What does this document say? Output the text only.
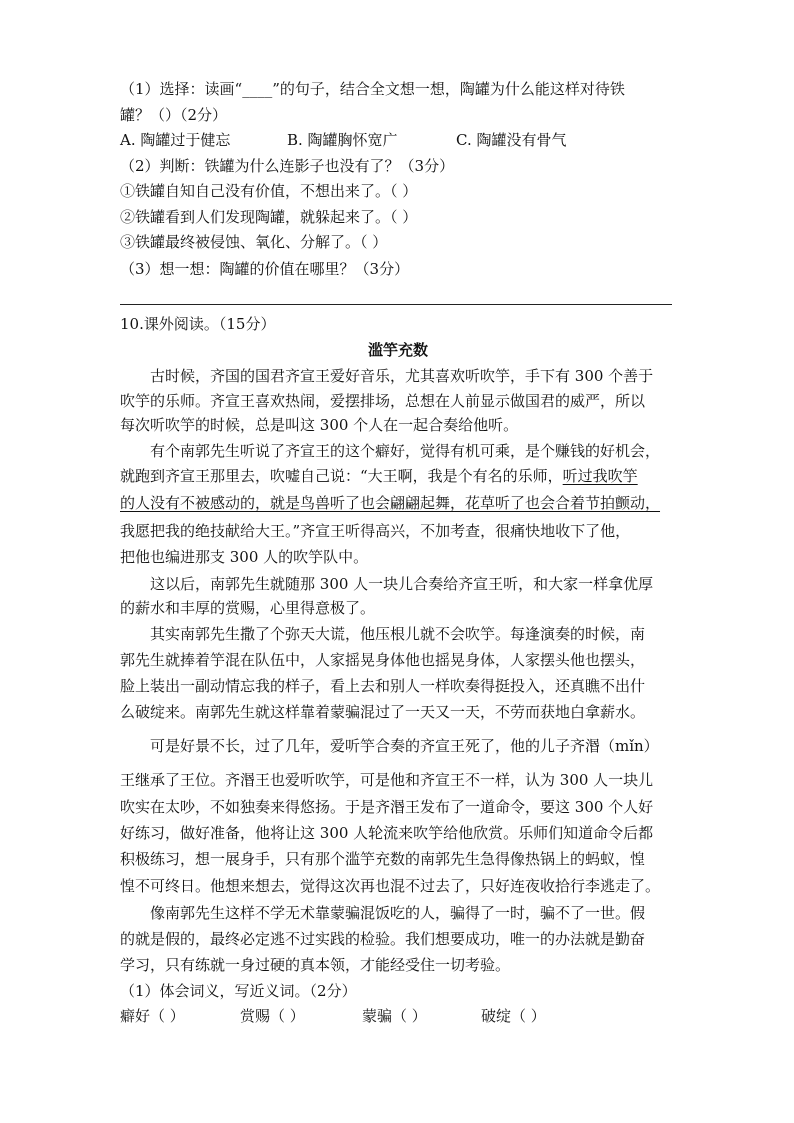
（1）选择：读画“____”的句子，结合全文想一想，陶罐为什么能这样对待铁
罐？（）（2分）
A. 陶罐过于健忘	B. 陶罐胸怀宽广	C. 陶罐没有骨气
（2）判断：铁罐为什么连影子也没有了？（3分）
①铁罐自知自己没有价值，不想出来了。（ ）
②铁罐看到人们发现陶罐，就躲起来了。（ ）
③铁罐最终被侵蚀、氧化、分解了。（ ）
（3）想一想：陶罐的价值在哪里？（3分）
10.课外阅读。（15分）
滥竽充数
古时候，齐国的国君齐宣王爱好音乐，尤其喜欢听吹竽，手下有 300 个善于
吹竽的乐师。齐宣王喜欢热闹，爱摆排场，总想在人前显示做国君的威严，所以
每次听吹竽的时候，总是叫这 300 个人在一起合奏给他听。
有个南郭先生听说了齐宣王的这个癖好，觉得有机可乘，是个赚钱的好机会，
就跑到齐宣王那里去，吹嘘自己说：“大王啊，我是个有名的乐师，听过我吹竽
的人没有不被感动的，就是鸟兽听了也会翩翩起舞，花草听了也会合着节拍颤动，
我愿把我的绝技献给大王。”齐宣王听得高兴，不加考查，很痛快地收下了他，
把他也编进那支 300 人的吹竽队中。
这以后，南郭先生就随那 300 人一块儿合奏给齐宣王听，和大家一样拿优厚
的薪水和丰厚的赏赐，心里得意极了。
其实南郭先生撒了个弥天大谎，他压根儿就不会吹竽。每逢演奏的时候，南
郭先生就捧着竽混在队伍中，人家摇晃身体他也摇晃身体，人家摆头他也摆头，
脸上装出一副动情忘我的样子，看上去和别人一样吹奏得挺投入，还真瞧不出什
么破绽来。南郭先生就这样靠着蒙骗混过了一天又一天，不劳而获地白拿薪水。
可是好景不长，过了几年，爱听竽合奏的齐宣王死了，他的儿子齐湣（mǐn）
王继承了王位。齐湣王也爱听吹竽，可是他和齐宣王不一样，认为 300 人一块儿
吹实在太吵，不如独奏来得悠扬。于是齐湣王发布了一道命令，要这 300 个人好
好练习，做好准备，他将让这 300 人轮流来吹竽给他欣赏。乐师们知道命令后都
积极练习，想一展身手，只有那个滥竽充数的南郭先生急得像热锅上的蚂蚁，惶
惶不可终日。他想来想去，觉得这次再也混不过去了，只好连夜收拾行李逃走了。
像南郭先生这样不学无术靠蒙骗混饭吃的人，骗得了一时，骗不了一世。假
的就是假的，最终必定逃不过实践的检验。我们想要成功，唯一的办法就是勤奋
学习，只有练就一身过硬的真本领，才能经受住一切考验。
（1）体会词义，写近义词。（2分）
癖好（ ）	赏赐（ ）	蒙骗（ ）	破绽（ ）
